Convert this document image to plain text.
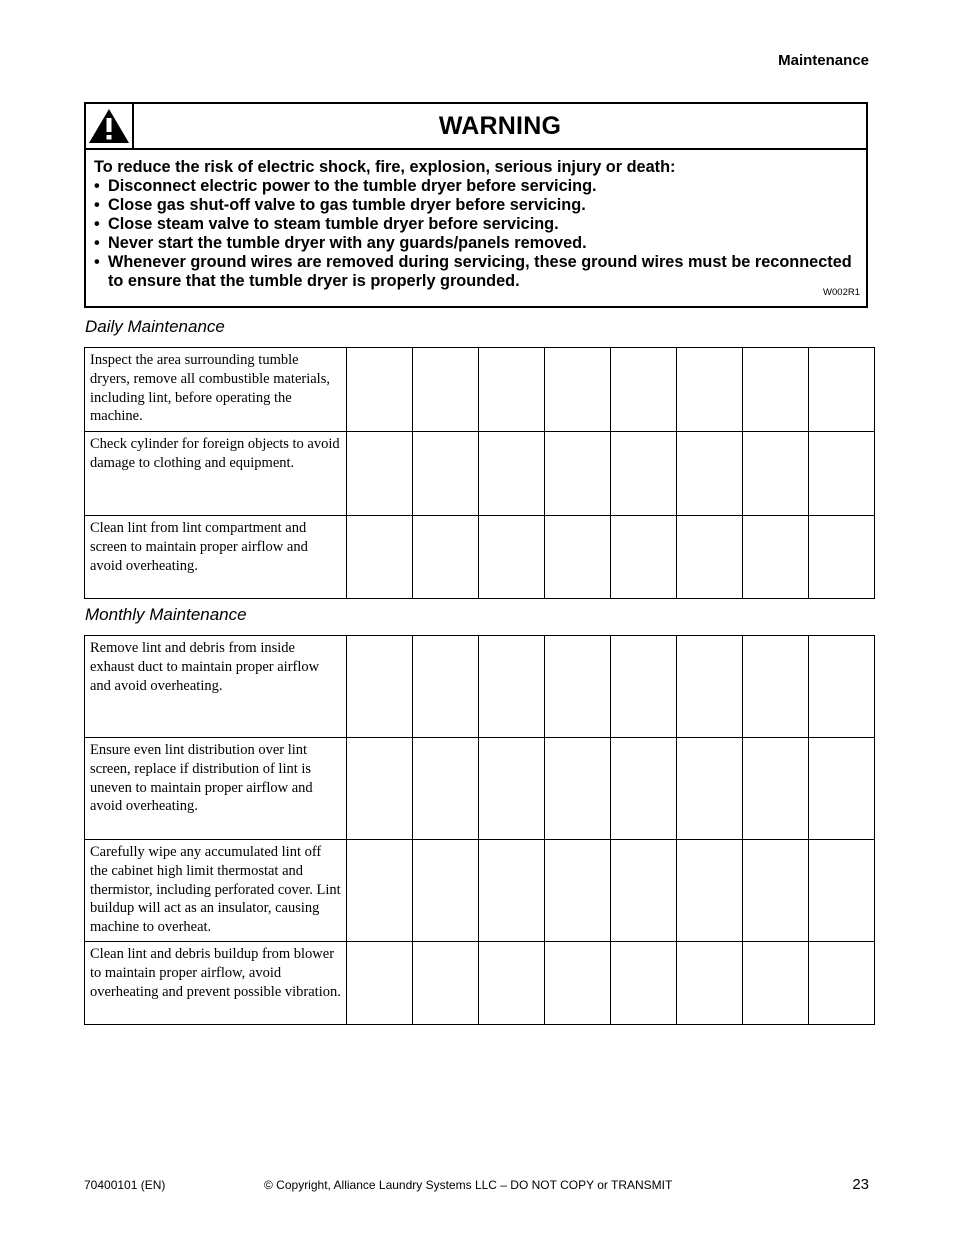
Maintenance
WARNING
To reduce the risk of electric shock, fire, explosion, serious injury or death:
• Disconnect electric power to the tumble dryer before servicing.
• Close gas shut-off valve to gas tumble dryer before servicing.
• Close steam valve to steam tumble dryer before servicing.
• Never start the tumble dryer with any guards/panels removed.
• Whenever ground wires are removed during servicing, these ground wires must be reconnected to ensure that the tumble dryer is properly grounded.
W002R1
Daily Maintenance
Inspect the area surrounding tumble dryers, remove all combustible materials, including lint, before operating the machine.								
Check cylinder for foreign objects to avoid damage to clothing and equipment.								
Clean lint from lint compartment and screen to maintain proper airflow and avoid overheating.								
Monthly Maintenance
Remove lint and debris from inside exhaust duct to maintain proper airflow and avoid overheating.								
Ensure even lint distribution over lint screen, replace if distribution of lint is uneven to maintain proper airflow and avoid overheating.								
Carefully wipe any accumulated lint off the cabinet high limit thermostat and thermistor, including perforated cover. Lint buildup will act as an insulator, causing machine to overheat.								
Clean lint and debris buildup from blower to maintain proper airflow, avoid overheating and prevent possible vibration.								
70400101 (EN)	© Copyright, Alliance Laundry Systems LLC – DO NOT COPY or TRANSMIT	23
